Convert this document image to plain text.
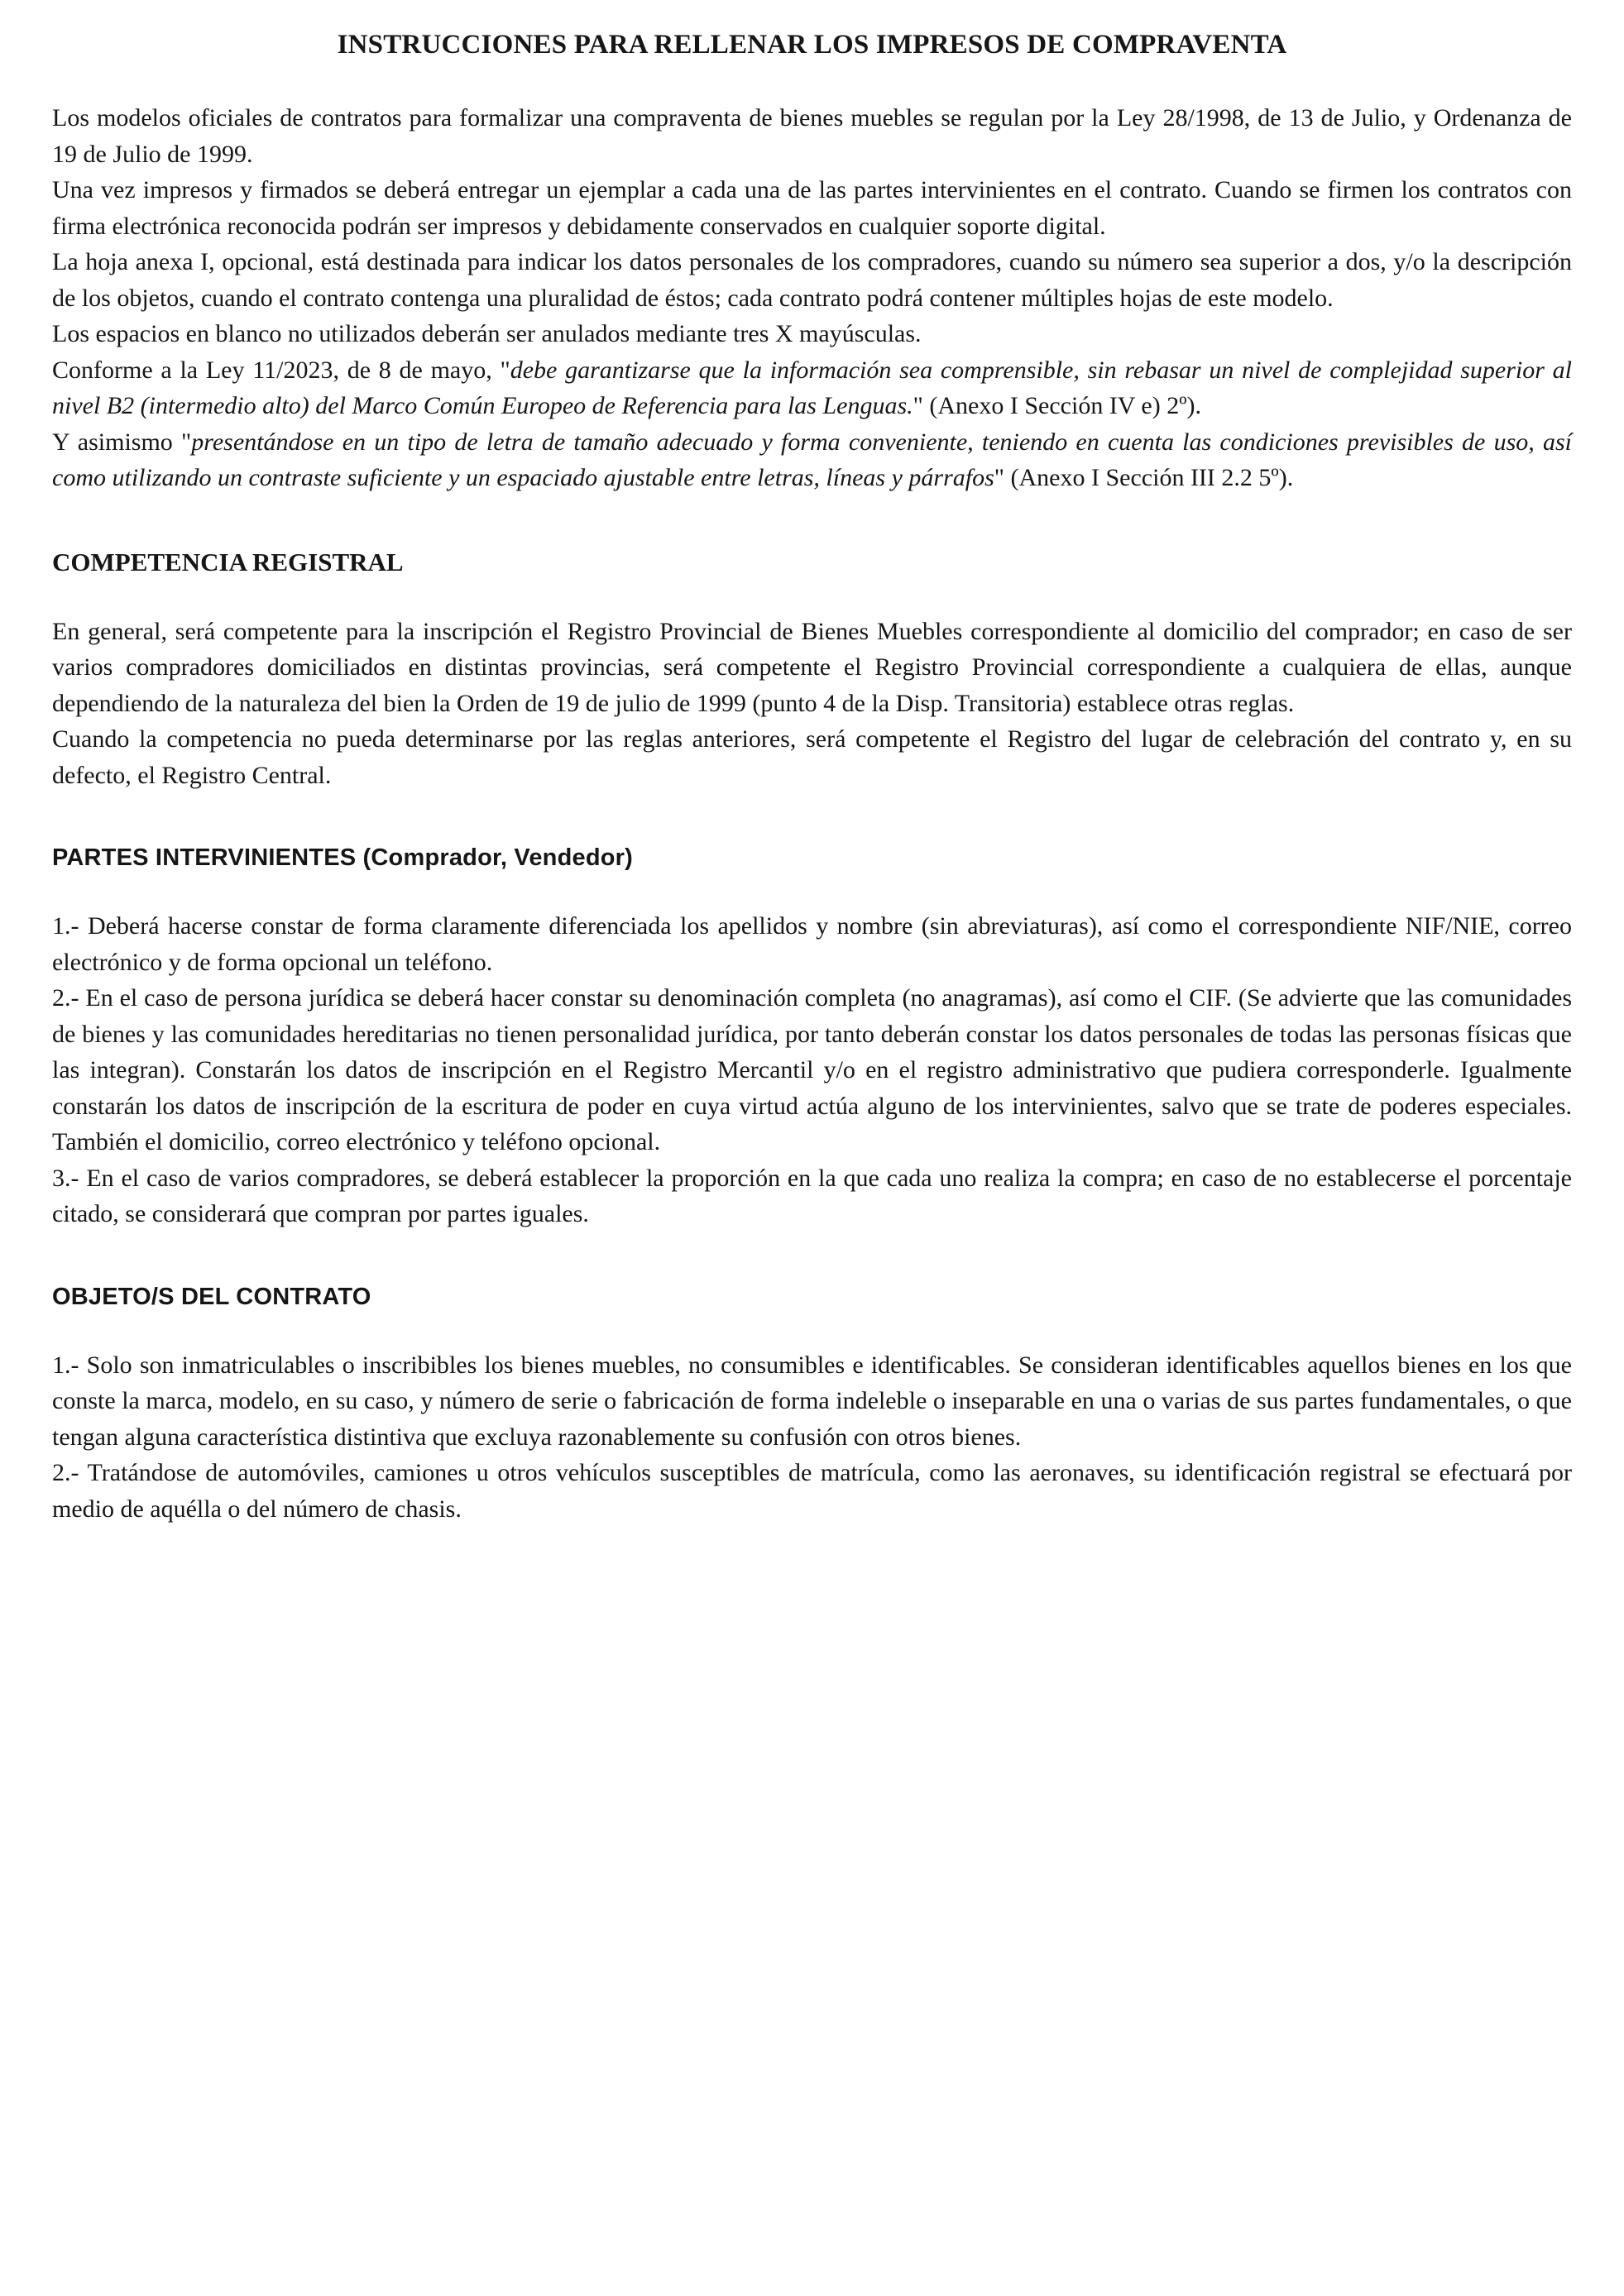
INSTRUCCIONES PARA RELLENAR LOS IMPRESOS DE COMPRAVENTA

Los modelos oficiales de contratos para formalizar una compraventa de bienes muebles se regulan por la Ley 28/1998, de 13 de Julio, y Ordenanza de 19 de Julio de 1999.

Una vez impresos y firmados se deberá entregar un ejemplar a cada una de las partes intervinientes en el contrato. Cuando se firmen los contratos con firma electrónica reconocida podrán ser impresos y debidamente conservados en cualquier soporte digital.

La hoja anexa I, opcional, está destinada para indicar los datos personales de los compradores, cuando su número sea superior a dos, y/o la descripción de los objetos, cuando el contrato contenga una pluralidad de éstos; cada contrato podrá contener múltiples hojas de este modelo.

Los espacios en blanco no utilizados deberán ser anulados mediante tres X mayúsculas.

Conforme a la Ley 11/2023, de 8 de mayo, "debe garantizarse que la información sea comprensible, sin rebasar un nivel de complejidad superior al nivel B2 (intermedio alto) del Marco Común Europeo de Referencia para las Lenguas." (Anexo I Sección IV e) 2º).

Y asimismo "presentándose en un tipo de letra de tamaño adecuado y forma conveniente, teniendo en cuenta las condiciones previsibles de uso, así como utilizando un contraste suficiente y un espaciado ajustable entre letras, líneas y párrafos" (Anexo I Sección III 2.2 5º).

COMPETENCIA REGISTRAL

En general, será competente para la inscripción el Registro Provincial de Bienes Muebles correspondiente al domicilio del comprador; en caso de ser varios compradores domiciliados en distintas provincias, será competente el Registro Provincial correspondiente a cualquiera de ellas, aunque dependiendo de la naturaleza del bien la Orden de 19 de julio de 1999 (punto 4 de la Disp. Transitoria) establece otras reglas.

Cuando la competencia no pueda determinarse por las reglas anteriores, será competente el Registro del lugar de celebración del contrato y, en su defecto, el Registro Central.

PARTES INTERVINIENTES (Comprador, Vendedor)

1.- Deberá hacerse constar de forma claramente diferenciada los apellidos y nombre (sin abreviaturas), así como el correspondiente NIF/NIE, correo electrónico y de forma opcional un teléfono.

2.- En el caso de persona jurídica se deberá hacer constar su denominación completa (no anagramas), así como el CIF. (Se advierte que las comunidades de bienes y las comunidades hereditarias no tienen personalidad jurídica, por tanto deberán constar los datos personales de todas las personas físicas que las integran). Constarán los datos de inscripción en el Registro Mercantil y/o en el registro administrativo que pudiera corresponderle. Igualmente constarán los datos de inscripción de la escritura de poder en cuya virtud actúa alguno de los intervinientes, salvo que se trate de poderes especiales. También el domicilio, correo electrónico y teléfono opcional.

3.- En el caso de varios compradores, se deberá establecer la proporción en la que cada uno realiza la compra; en caso de no establecerse el porcentaje citado, se considerará que compran por partes iguales.

OBJETO/S DEL CONTRATO

1.- Solo son inmatriculables o inscribibles los bienes muebles, no consumibles e identificables. Se consideran identificables aquellos bienes en los que conste la marca, modelo, en su caso, y número de serie o fabricación de forma indeleble o inseparable en una o varias de sus partes fundamentales, o que tengan alguna característica distintiva que excluya razonablemente su confusión con otros bienes.

2.- Tratándose de automóviles, camiones u otros vehículos susceptibles de matrícula, como las aeronaves, su identificación registral se efectuará por medio de aquélla o del número de chasis.
